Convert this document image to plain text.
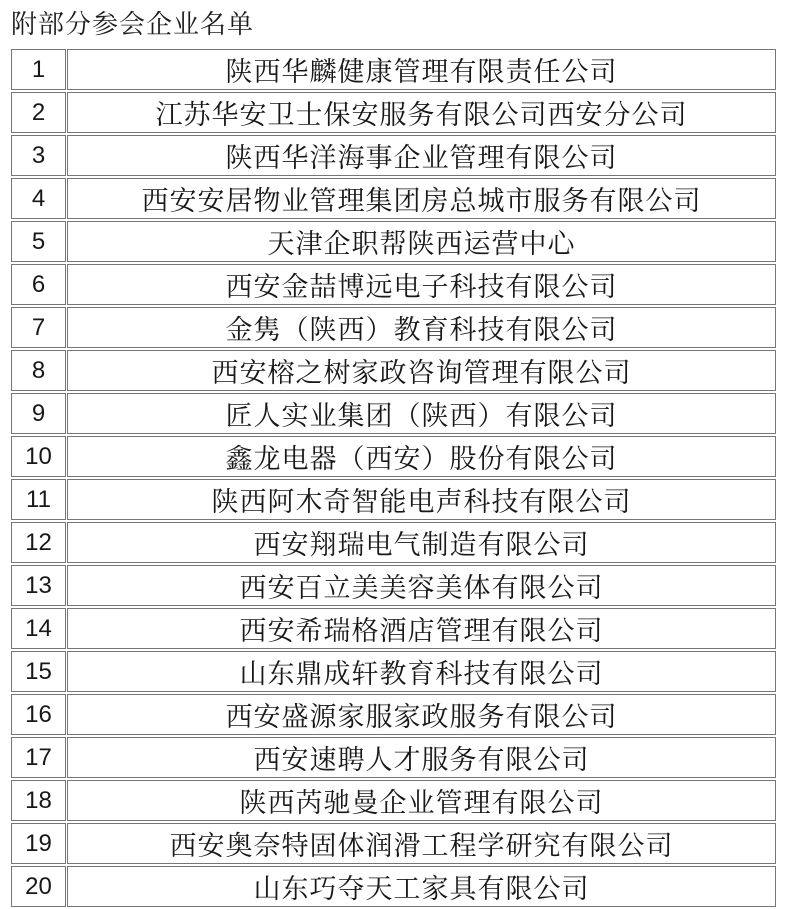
附部分参会企业名单
1	陕西华麟健康管理有限责任公司
2	江苏华安卫士保安服务有限公司西安分公司
3	陕西华洋海事企业管理有限公司
4	西安安居物业管理集团房总城市服务有限公司
5	天津企职帮陕西运营中心
6	西安金喆博远电子科技有限公司
7	金隽（陕西）教育科技有限公司
8	西安榕之树家政咨询管理有限公司
9	匠人实业集团（陕西）有限公司
10	鑫龙电器（西安）股份有限公司
11	陕西阿木奇智能电声科技有限公司
12	西安翔瑞电气制造有限公司
13	西安百立美美容美体有限公司
14	西安希瑞格酒店管理有限公司
15	山东鼎成轩教育科技有限公司
16	西安盛源家服家政服务有限公司
17	西安速聘人才服务有限公司
18	陕西芮驰曼企业管理有限公司
19	西安奥奈特固体润滑工程学研究有限公司
20	山东巧夺天工家具有限公司
